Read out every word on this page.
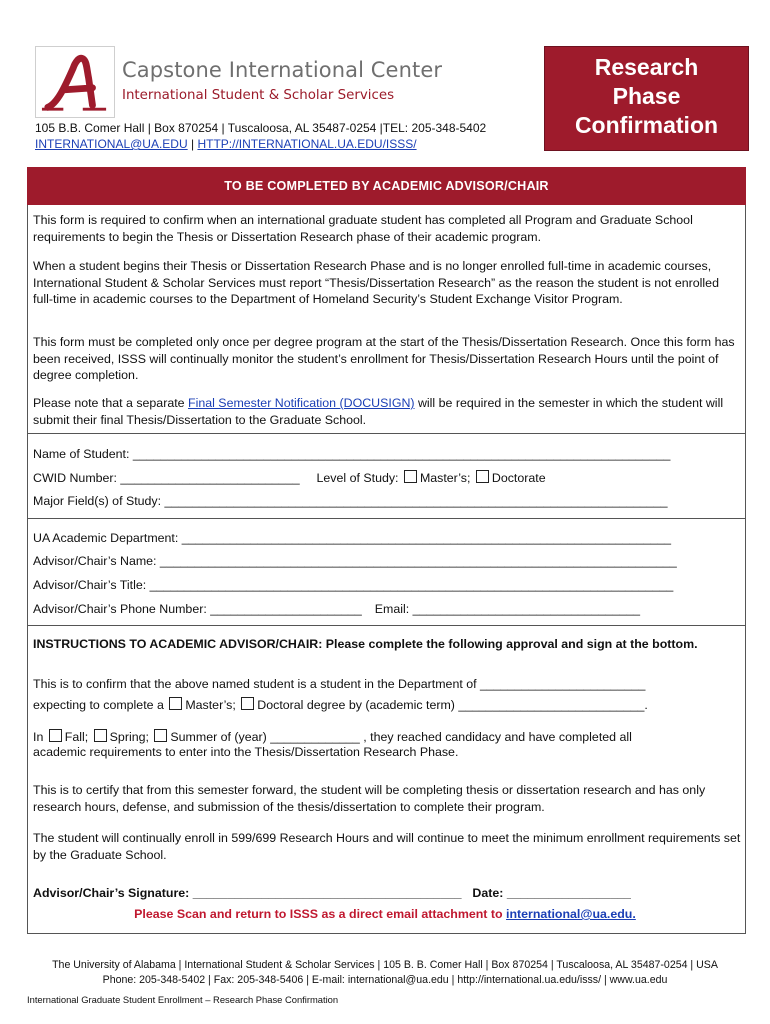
Capstone International Center
International Student & Scholar Services
105 B.B. Comer Hall | Box 870254 | Tuscaloosa, AL 35487-0254 |TEL: 205-348-5402
INTERNATIONAL@UA.EDU | HTTP://INTERNATIONAL.UA.EDU/ISSS/
Research
Phase
Confirmation
TO BE COMPLETED BY ACADEMIC ADVISOR/CHAIR
This form is required to confirm when an international graduate student has completed all Program and Graduate School requirements to begin the Thesis or Dissertation Research phase of their academic program.
When a student begins their Thesis or Dissertation Research Phase and is no longer enrolled full-time in academic courses, International Student & Scholar Services must report “Thesis/Dissertation Research” as the reason the student is not enrolled full-time in academic courses to the Department of Homeland Security’s Student Exchange Visitor Program.
This form must be completed only once per degree program at the start of the Thesis/Dissertation Research. Once this form has been received, ISSS will continually monitor the student’s enrollment for Thesis/Dissertation Research Hours until the point of degree completion.
Please note that a separate Final Semester Notification (DOCUSIGN) will be required in the semester in which the student will submit their final Thesis/Dissertation to the Graduate School.
Name of Student: ______________________________________________________________________________
CWID Number: __________________________ Level of Study: Master’s; Doctorate
Major Field(s) of Study: _________________________________________________________________________
UA Academic Department: _______________________________________________________________________
Advisor/Chair’s Name: ___________________________________________________________________________
Advisor/Chair’s Title: ____________________________________________________________________________
Advisor/Chair’s Phone Number: ______________________ Email: _________________________________
INSTRUCTIONS TO ACADEMIC ADVISOR/CHAIR: Please complete the following approval and sign at the bottom.
This is to confirm that the above named student is a student in the Department of ________________________
expecting to complete a Master’s; Doctoral degree by (academic term) ___________________________.
In Fall; Spring; Summer of (year) _____________ , they reached candidacy and have completed all
academic requirements to enter into the Thesis/Dissertation Research Phase.
This is to certify that from this semester forward, the student will be completing thesis or dissertation research and has only research hours, defense, and submission of the thesis/dissertation to complete their program.
The student will continually enroll in 599/699 Research Hours and will continue to meet the minimum enrollment requirements set by the Graduate School.
Advisor/Chair’s Signature: _______________________________________ Date: __________________
Please Scan and return to ISSS as a direct email attachment to international@ua.edu.
The University of Alabama | International Student & Scholar Services | 105 B. B. Comer Hall | Box 870254 | Tuscaloosa, AL 35487-0254 | USA
Phone: 205-348-5402 | Fax: 205-348-5406 | E-mail: international@ua.edu | http://international.ua.edu/isss/ | www.ua.edu
International Graduate Student Enrollment – Research Phase Confirmation
